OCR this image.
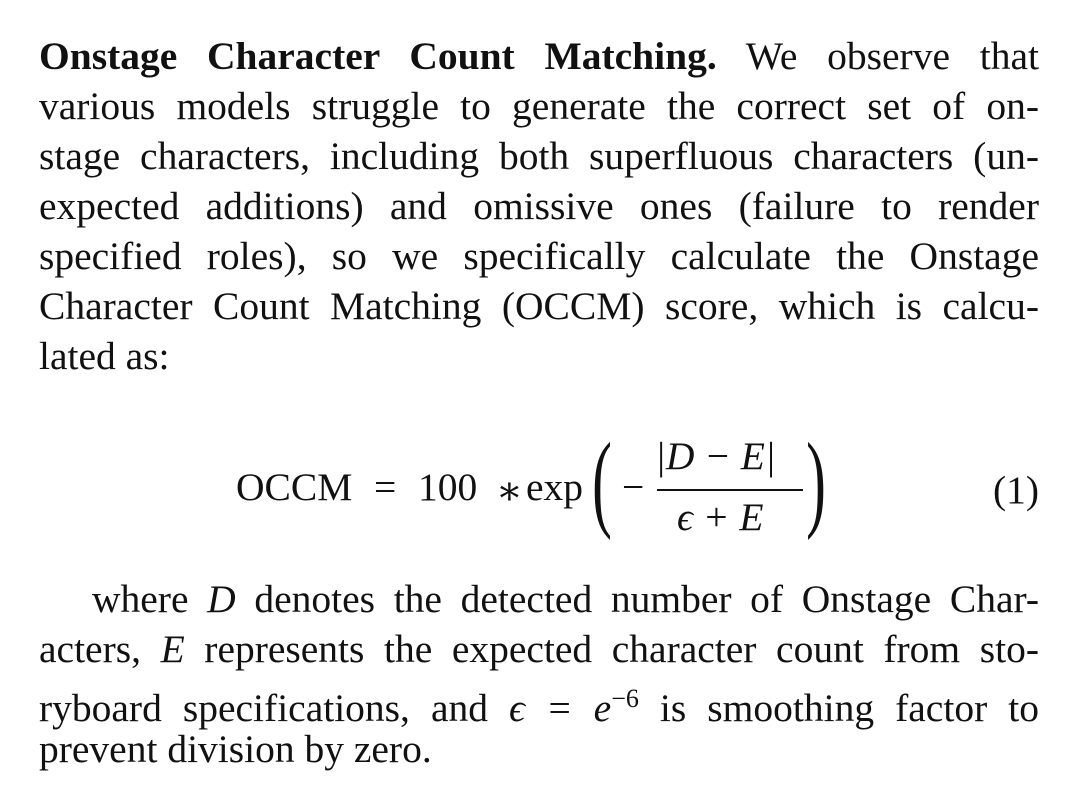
Onstage Character Count Matching. We observe that
various models struggle to generate the correct set of on-
stage characters, including both superfluous characters (un-
expected additions) and omissive ones (failure to render
specified roles), so we specifically calculate the Onstage
Character Count Matching (OCCM) score, which is calcu-
lated as:
OCCM = 100 ∗ exp ( −
|D − E|
ϵ + E )	(1)
where D denotes the detected number of Onstage Char-
acters, E represents the expected character count from sto-
ryboard specifications, and $\epsilon = e^{-6}$ is smoothing factor to
prevent division by zero.
